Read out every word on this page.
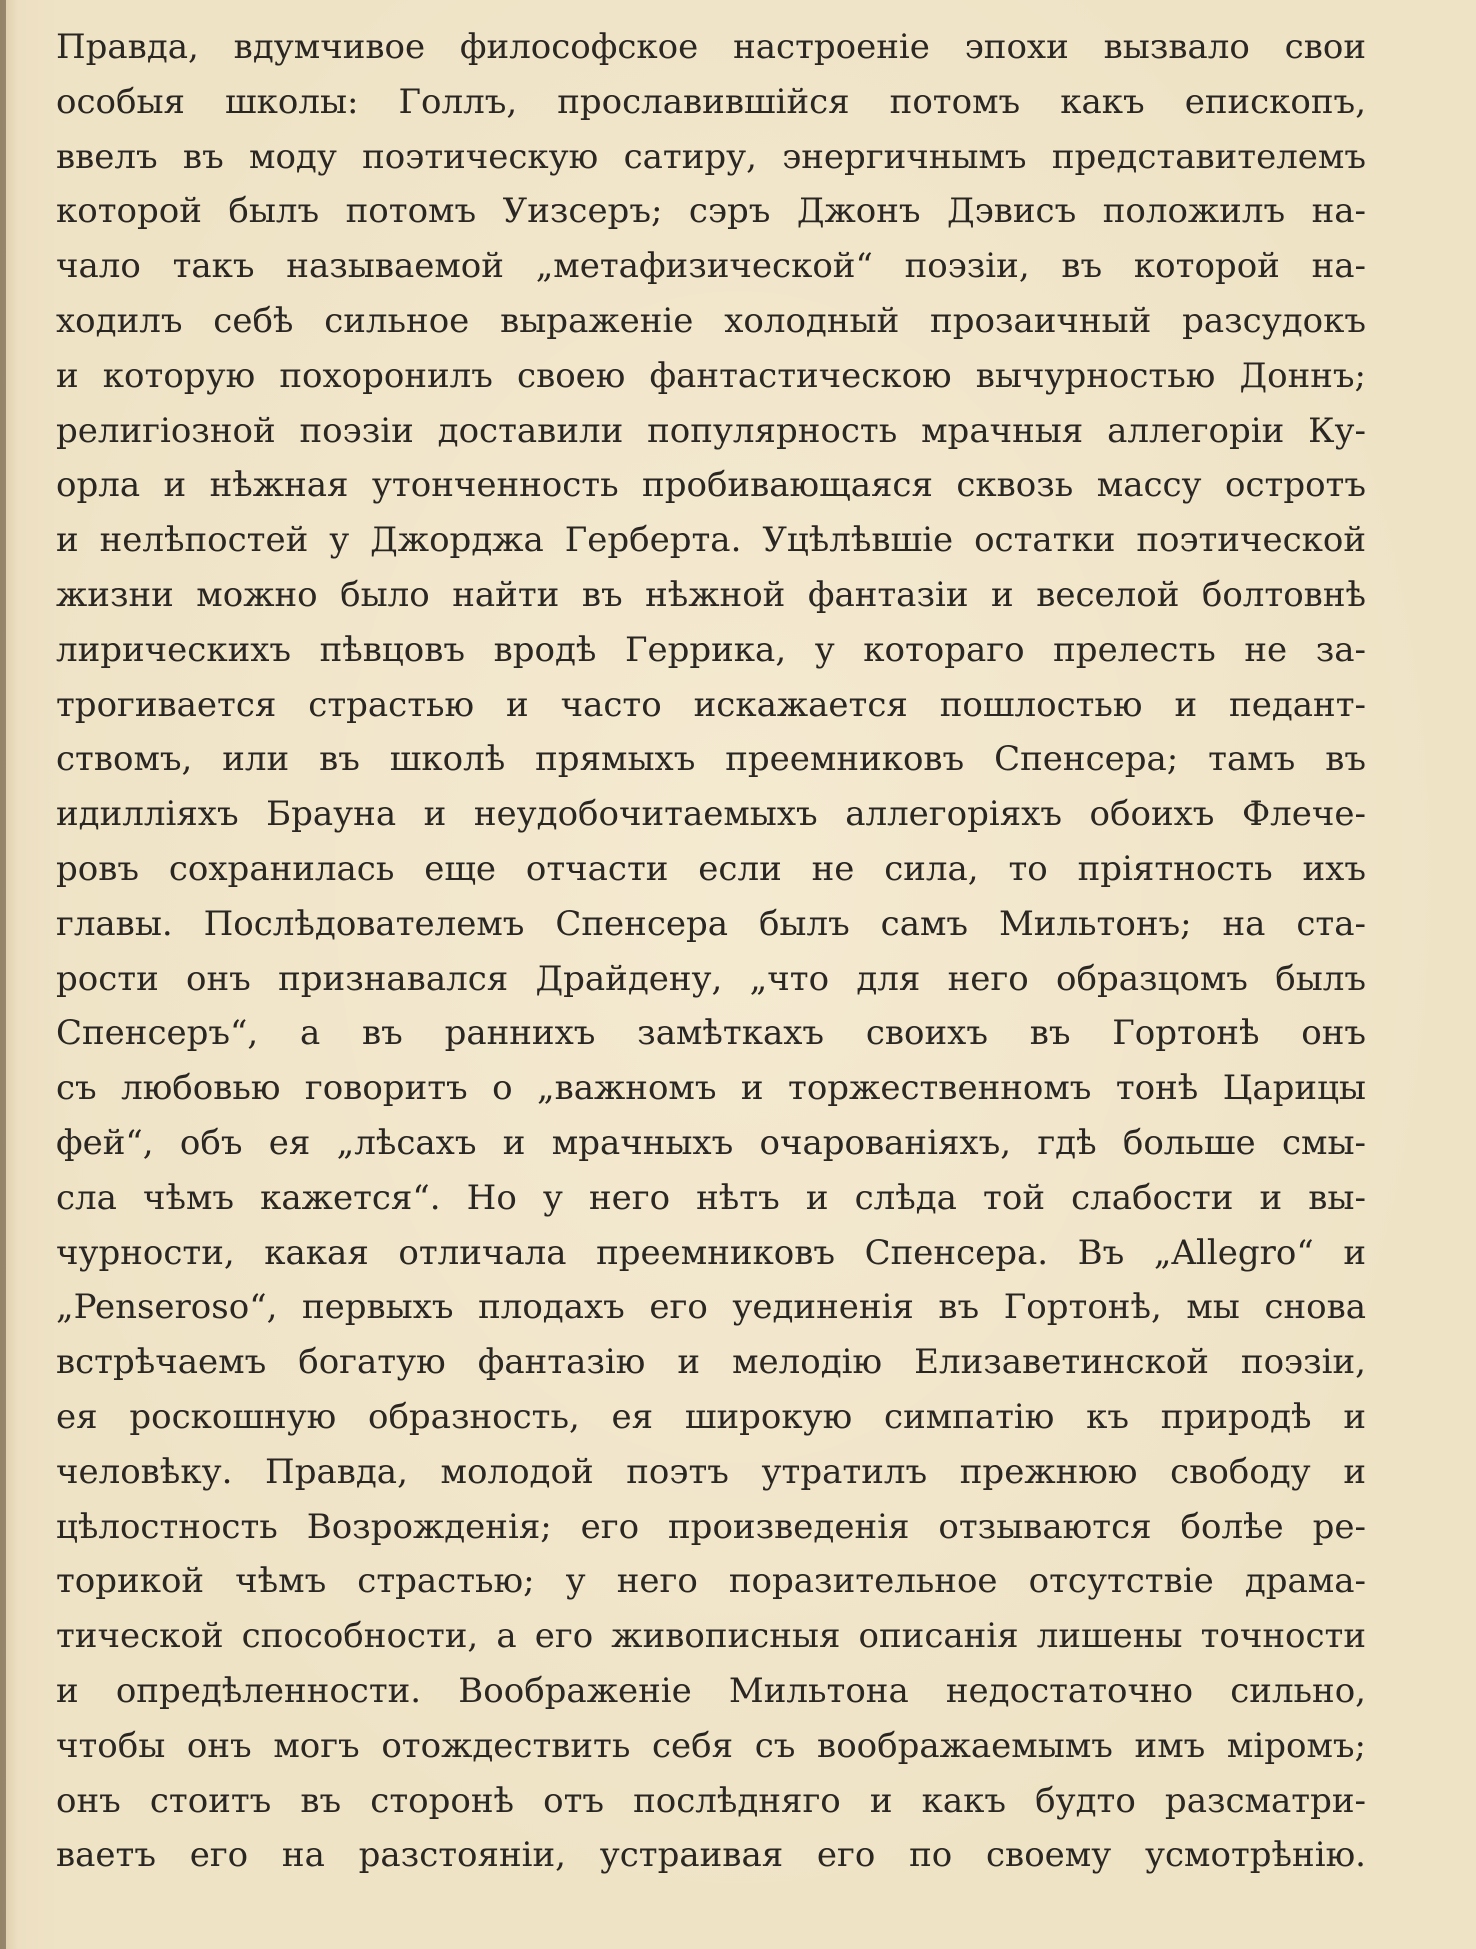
Правда, вдумчивое философское настроеніе эпохи вызвало свои
особыя школы: Голлъ, прославившійся потомъ какъ епископъ,
ввелъ въ моду поэтическую сатиру, энергичнымъ представителемъ
которой былъ потомъ Уизсеръ; сэръ Джонъ Дэвисъ положилъ на-
чало такъ называемой „метафизической“ поэзіи, въ которой на-
ходилъ себѣ сильное выраженіе холодный прозаичный разсудокъ
и которую похоронилъ своею фантастическою вычурностью Доннъ;
религіозной поэзіи доставили популярность мрачныя аллегоріи Ку-
орла и нѣжная утонченность пробивающаяся сквозь массу остротъ
и нелѣпостей у Джорджа Герберта. Уцѣлѣвшіе остатки поэтической
жизни можно было найти въ нѣжной фантазіи и веселой болтовнѣ
лирическихъ пѣвцовъ вродѣ Геррика, у котораго прелесть не за-
трогивается страстью и часто искажается пошлостью и педант-
ствомъ, или въ школѣ прямыхъ преемниковъ Спенсера; тамъ въ
идилліяхъ Брауна и неудобочитаемыхъ аллегоріяхъ обоихъ Флече-
ровъ сохранилась еще отчасти если не сила, то пріятность ихъ
главы. Послѣдователемъ Спенсера былъ самъ Мильтонъ; на ста-
рости онъ признавался Драйдену, „что для него образцомъ былъ
Спенсеръ“, а въ раннихъ замѣткахъ своихъ въ Гортонѣ онъ
съ любовью говоритъ о „важномъ и торжественномъ тонѣ Царицы
фей“, объ ея „лѣсахъ и мрачныхъ очарованіяхъ, гдѣ больше смы-
сла чѣмъ кажется“. Но у него нѣтъ и слѣда той слабости и вы-
чурности, какая отличала преемниковъ Спенсера. Въ „Allegro“ и
„Penseroso“, первыхъ плодахъ его уединенія въ Гортонѣ, мы снова
встрѣчаемъ богатую фантазію и мелодію Елизаветинской поэзіи,
ея роскошную образность, ея широкую симпатію къ природѣ и
человѣку. Правда, молодой поэтъ утратилъ прежнюю свободу и
цѣлостность Возрожденія; его произведенія отзываются болѣе ре-
торикой чѣмъ страстью; у него поразительное отсутствіе драма-
тической способности, а его живописныя описанія лишены точности
и опредѣленности. Воображеніе Мильтона недостаточно сильно,
чтобы онъ могъ отождествить себя съ воображаемымъ имъ міромъ;
онъ стоитъ въ сторонѣ отъ послѣдняго и какъ будто разсматри-
ваетъ его на разстояніи, устраивая его по своему усмотрѣнію.
